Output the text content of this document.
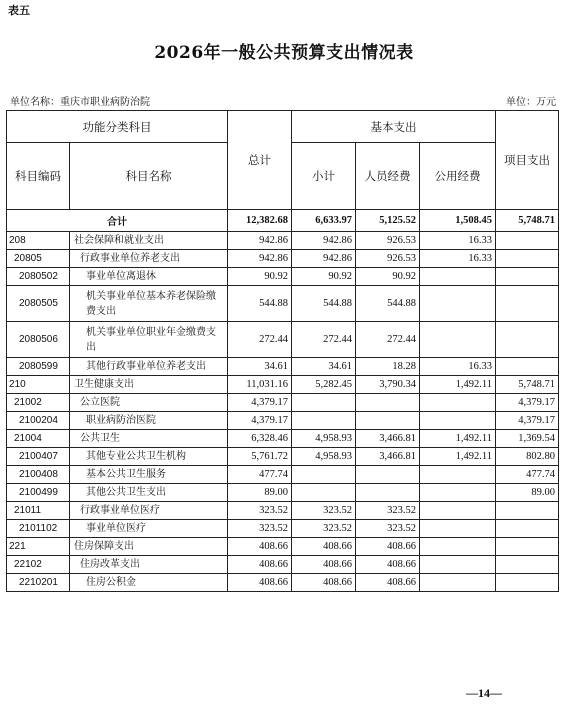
表五
2026年一般公共预算支出情况表
单位名称：重庆市职业病防治院	单位：万元
功能分类科目		总计	基本支出			项目支出
科目编码	科目名称		小计	人员经费	公用经费	
合计		12,382.68	6,633.97	5,125.52	1,508.45	5,748.71
208	社会保障和就业支出	942.86	942.86	926.53	16.33	
20805	行政事业单位养老支出	942.86	942.86	926.53	16.33	
2080502	事业单位离退休	90.92	90.92	90.92		
2080505	机关事业单位基本养老保险缴费支出	544.88	544.88	544.88		
2080506	机关事业单位职业年金缴费支出	272.44	272.44	272.44		
2080599	其他行政事业单位养老支出	34.61	34.61	18.28	16.33	
210	卫生健康支出	11,031.16	5,282.45	3,790.34	1,492.11	5,748.71
21002	公立医院	4,379.17				4,379.17
2100204	职业病防治医院	4,379.17				4,379.17
21004	公共卫生	6,328.46	4,958.93	3,466.81	1,492.11	1,369.54
2100407	其他专业公共卫生机构	5,761.72	4,958.93	3,466.81	1,492.11	802.80
2100408	基本公共卫生服务	477.74				477.74
2100499	其他公共卫生支出	89.00				89.00
21011	行政事业单位医疗	323.52	323.52	323.52		
2101102	事业单位医疗	323.52	323.52	323.52		
221	住房保障支出	408.66	408.66	408.66		
22102	住房改革支出	408.66	408.66	408.66		
2210201	住房公积金	408.66	408.66	408.66		
—14—
